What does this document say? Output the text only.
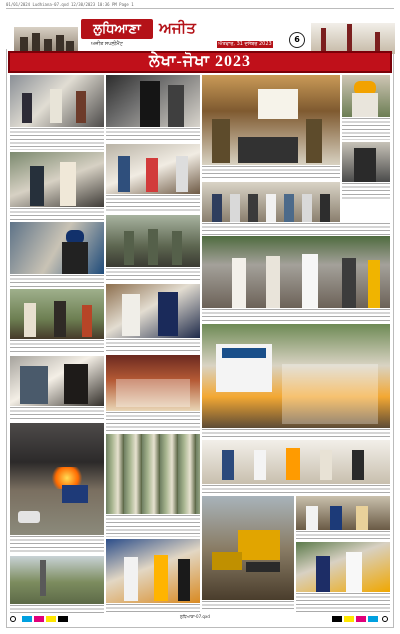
01/01/2024 Ludhiana-07.qxd 12/30/2023 10:36 PM Page 1
ਲੁਧਿਆਣਾ	ਅਜੀਤ
ਅਜੀਤ ਸਪਲੀਮੈਂਟ	ਐਤਵਾਰ, 31 ਦਸੰਬਰ 2023	6
ਲੇਖਾ-ਜੋਖਾ 2023
ਲੁਧਿਆਣਾ-07.qxd
